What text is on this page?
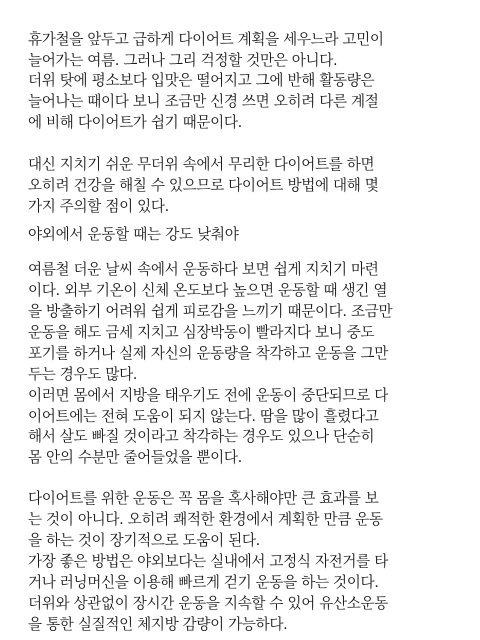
휴가철을 앞두고 급하게 다이어트 계획을 세우느라 고민이
늘어가는 여름. 그러나 그리 걱정할 것만은 아니다.
더위 탓에 평소보다 입맛은 떨어지고 그에 반해 활동량은
늘어나는 때이다 보니 조금만 신경 쓰면 오히려 다른 계절
에 비해 다이어트가 쉽기 때문이다.
대신 지치기 쉬운 무더위 속에서 무리한 다이어트를 하면
오히려 건강을 해칠 수 있으므로 다이어트 방법에 대해 몇
가지 주의할 점이 있다.
야외에서 운동할 때는 강도 낮춰야
여름철 더운 날씨 속에서 운동하다 보면 쉽게 지치기 마련
이다. 외부 기온이 신체 온도보다 높으면 운동할 때 생긴 열
을 방출하기 어려워 쉽게 피로감을 느끼기 때문이다. 조금만
운동을 해도 금세 지치고 심장박동이 빨라지다 보니 중도
포기를 하거나 실제 자신의 운동량을 착각하고 운동을 그만
두는 경우도 많다.
이러면 몸에서 지방을 태우기도 전에 운동이 중단되므로 다
이어트에는 전혀 도움이 되지 않는다. 땀을 많이 흘렸다고
해서 살도 빠질 것이라고 착각하는 경우도 있으나 단순히
몸 안의 수분만 줄어들었을 뿐이다.
다이어트를 위한 운동은 꼭 몸을 혹사해야만 큰 효과를 보
는 것이 아니다. 오히려 쾌적한 환경에서 계획한 만큼 운동
을 하는 것이 장기적으로 도움이 된다.
가장 좋은 방법은 야외보다는 실내에서 고정식 자전거를 타
거나 러닝머신을 이용해 빠르게 걷기 운동을 하는 것이다.
더위와 상관없이 장시간 운동을 지속할 수 있어 유산소운동
을 통한 실질적인 체지방 감량이 가능하다.
